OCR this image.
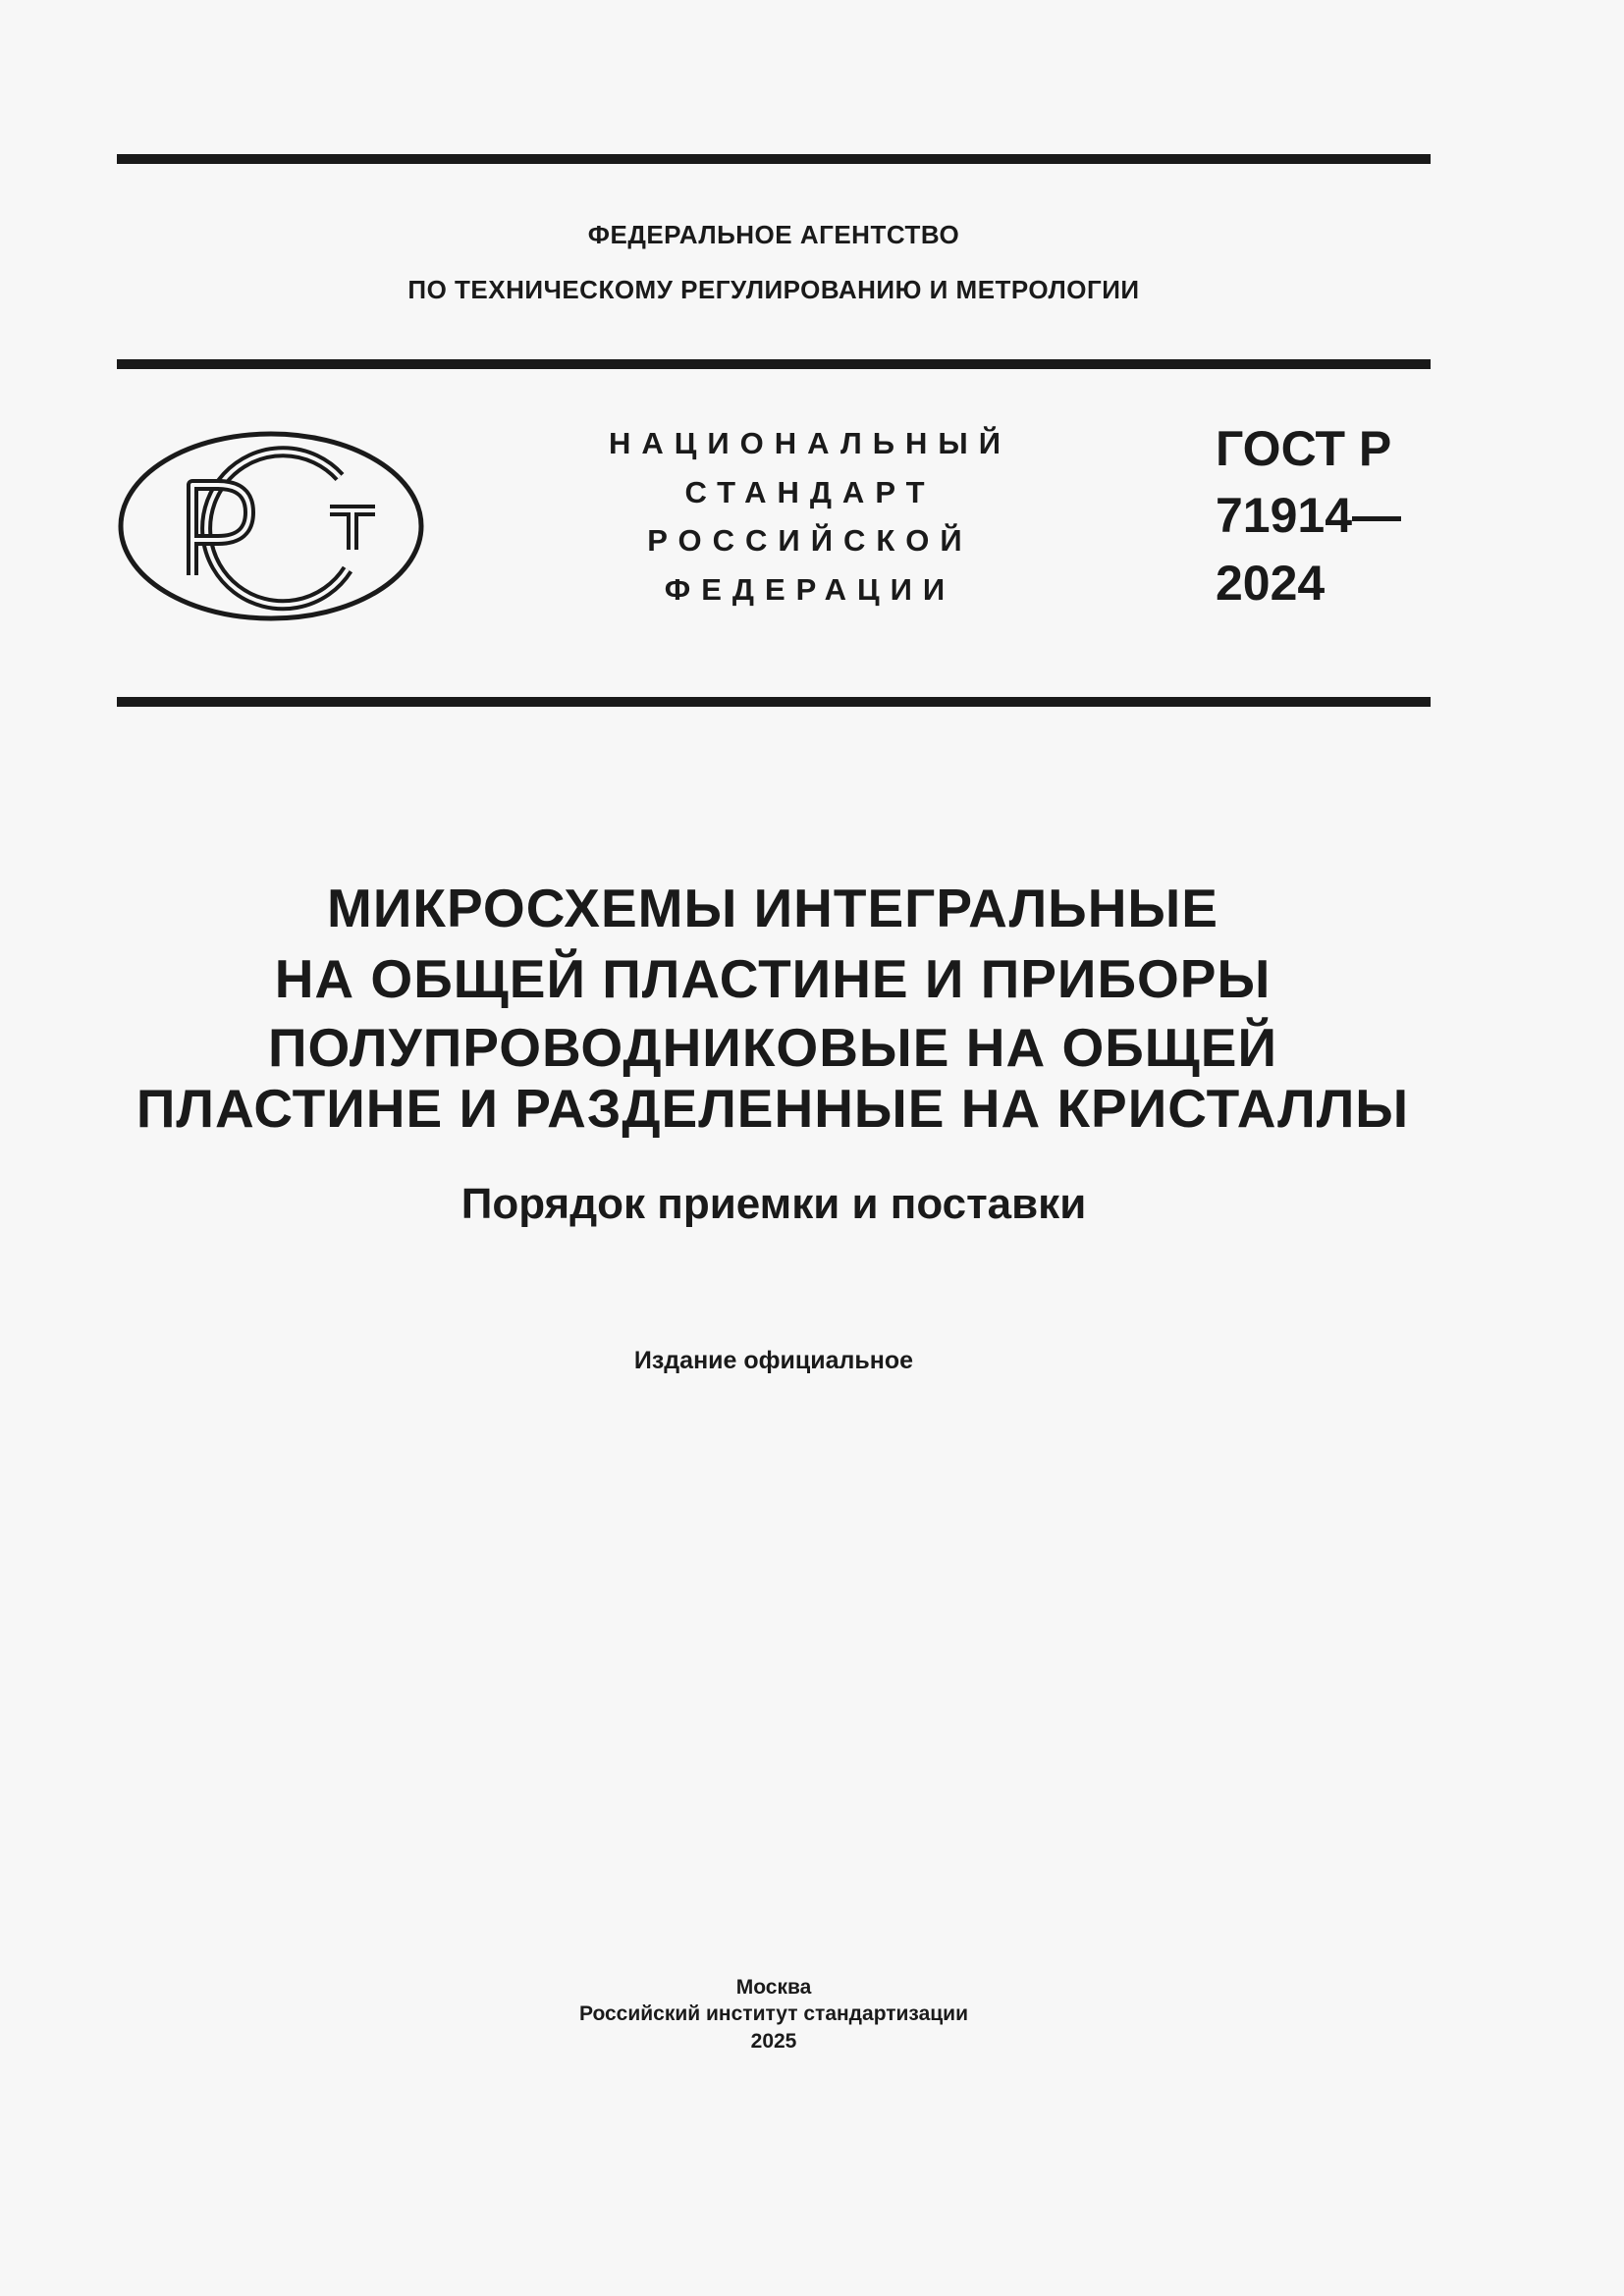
ФЕДЕРАЛЬНОЕ АГЕНТСТВО
ПО ТЕХНИЧЕСКОМУ РЕГУЛИРОВАНИЮ И МЕТРОЛОГИИ
НАЦИОНАЛЬНЫЙ
СТАНДАРТ
РОССИЙСКОЙ
ФЕДЕРАЦИИ
ГОСТ Р
71914—
2024
МИКРОСХЕМЫ ИНТЕГРАЛЬНЫЕ
НА ОБЩЕЙ ПЛАСТИНЕ И ПРИБОРЫ
ПОЛУПРОВОДНИКОВЫЕ НА ОБЩЕЙ
ПЛАСТИНЕ И РАЗДЕЛЕННЫЕ НА КРИСТАЛЛЫ
Порядок приемки и поставки
Издание официальное
Москва
Российский институт стандартизации
2025
